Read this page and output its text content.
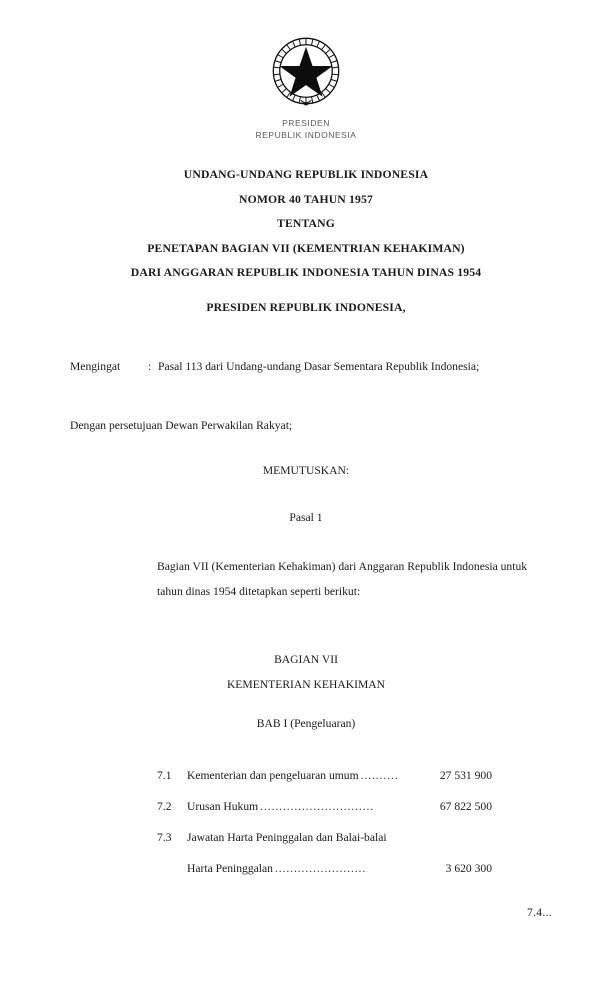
PRESIDEN
REPUBLIK INDONESIA
UNDANG-UNDANG REPUBLIK INDONESIA
NOMOR 40 TAHUN 1957
TENTANG
PENETAPAN BAGIAN VII (KEMENTRIAN KEHAKIMAN)
DARI ANGGARAN REPUBLIK INDONESIA TAHUN DINAS 1954
PRESIDEN REPUBLIK INDONESIA,
Mengingat	: Pasal 113 dari Undang-undang Dasar Sementara Republik Indonesia;
Dengan persetujuan Dewan Perwakilan Rakyat;
MEMUTUSKAN:
Pasal 1
Bagian VII (Kementerian Kehakiman) dari Anggaran Republik Indonesia untuk tahun dinas 1954 ditetapkan seperti berikut:
BAGIAN VII
KEMENTERIAN KEHAKIMAN
BAB I (Pengeluaran)
7.1	Kementerian dan pengeluaran umum ..........	27 531 900
7.2	Urusan Hukum ..............................	67 822 500
7.3	Jawatan Harta Peninggalan dan Balai-balai
Harta Peninggalan ........................	3 620 300
7.4...
